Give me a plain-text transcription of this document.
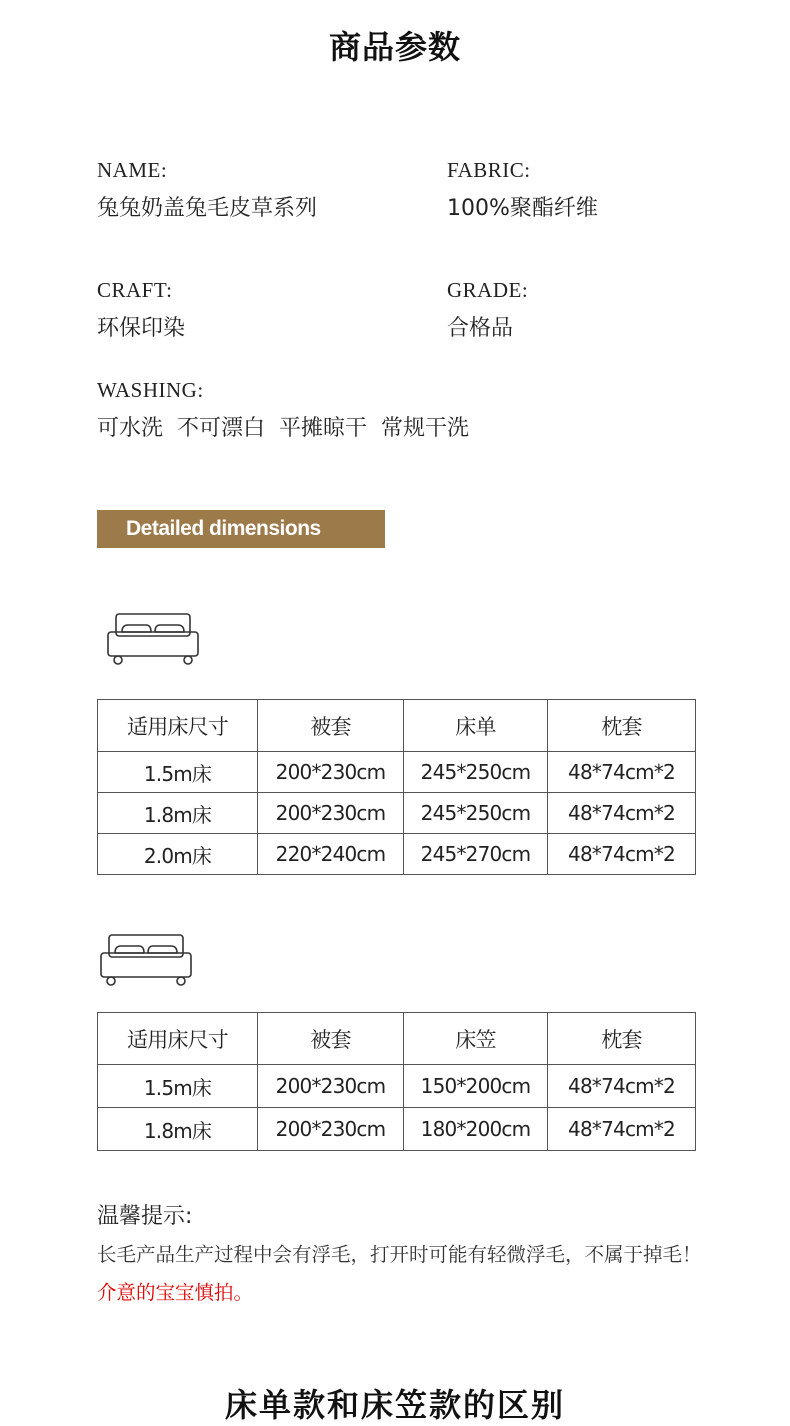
商品参数
NAME:
兔兔奶盖兔毛皮草系列
FABRIC:
100%聚酯纤维
CRAFT:
环保印染
GRADE:
合格品
WASHING:
可水洗  不可漂白  平摊晾干  常规干洗
Detailed dimensions
适用床尺寸	被套	床单	枕套
1.5m床	200*230cm	245*250cm	48*74cm*2
1.8m床	200*230cm	245*250cm	48*74cm*2
2.0m床	220*240cm	245*270cm	48*74cm*2
适用床尺寸	被套	床笠	枕套
1.5m床	200*230cm	150*200cm	48*74cm*2
1.8m床	200*230cm	180*200cm	48*74cm*2
温馨提示:
长毛产品生产过程中会有浮毛，打开时可能有轻微浮毛，不属于掉毛！介意的宝宝慎拍。
床单款和床笠款的区别
